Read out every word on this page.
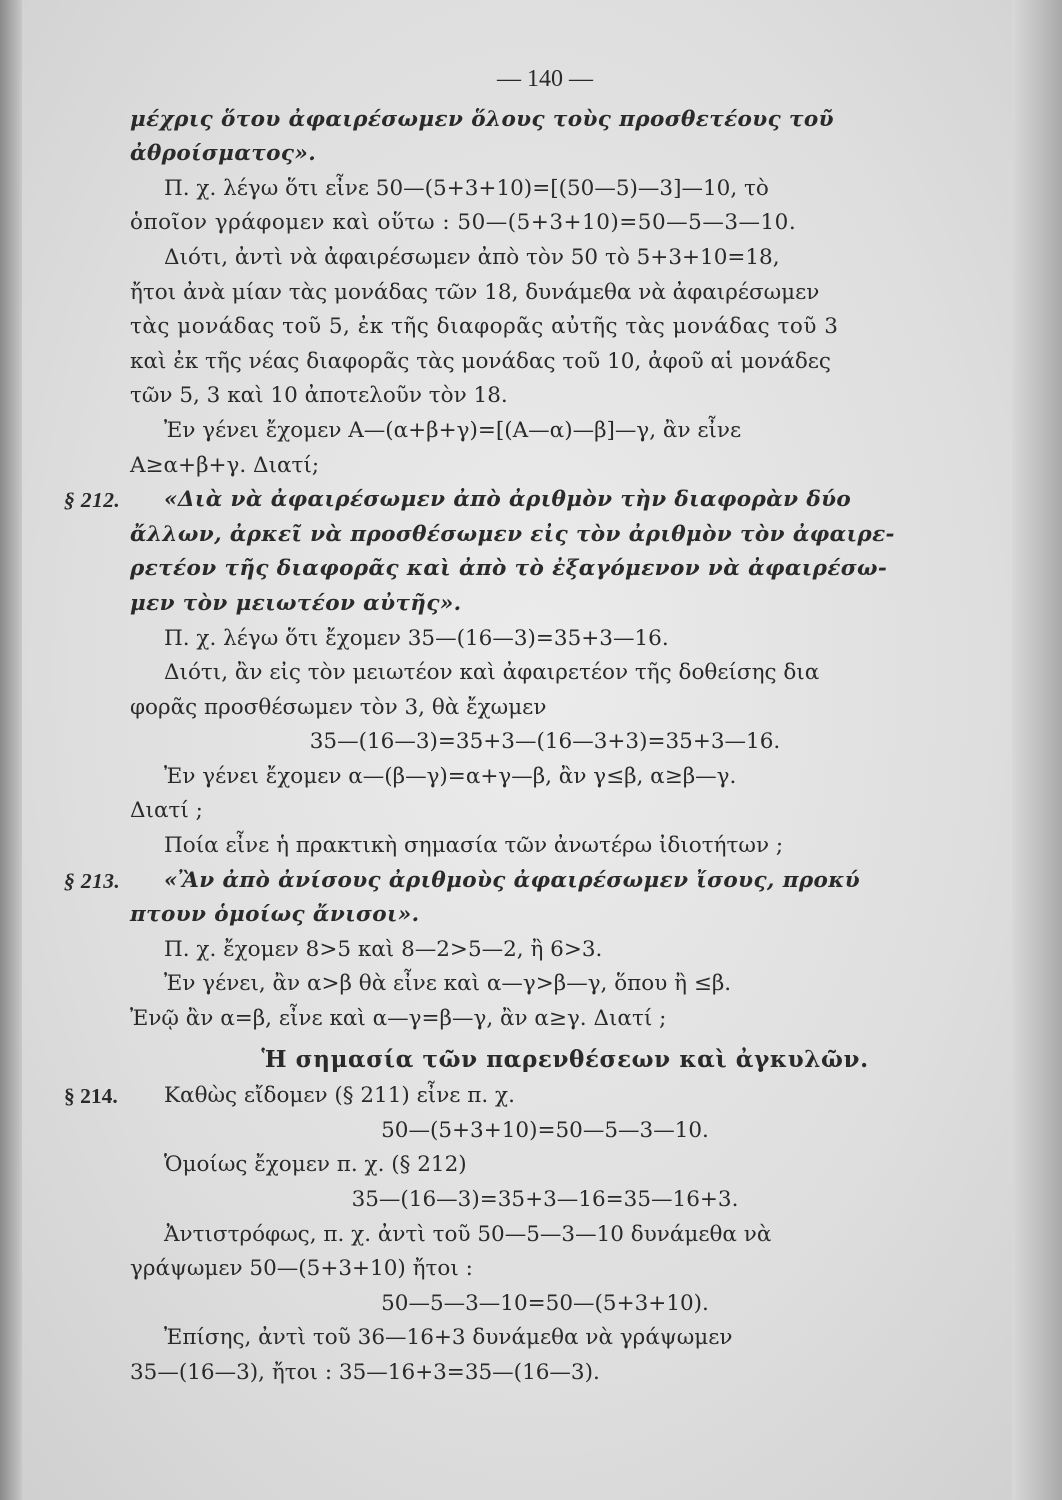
— 140 —
μέχρις ὅτου ἀφαιρέσωμεν ὅλους τοὺς προσθετέους τοῦ
ἀθροίσματος».
Π. χ. λέγω ὅτι εἶνε 50—(5+3+10)=[(50—5)—3]—10, τὸ
ὁποῖον γράφομεν καὶ οὕτω : 50—(5+3+10)=50—5—3—10.
Διότι, ἀντὶ νὰ ἀφαιρέσωμεν ἀπὸ τὸν 50 τὸ 5+3+10=18,
ἤτοι ἀνὰ μίαν τὰς μονάδας τῶν 18, δυνάμεθα νὰ ἀφαιρέσωμεν
τὰς μονάδας τοῦ 5, ἐκ τῆς διαφορᾶς αὐτῆς τὰς μονάδας τοῦ 3
καὶ ἐκ τῆς νέας διαφορᾶς τὰς μονάδας τοῦ 10, ἀφοῦ αἱ μονάδες
τῶν 5, 3 καὶ 10 ἀποτελοῦν τὸν 18.
Ἐν γένει ἔχομεν Α—(α+β+γ)=[(Α—α)—β]—γ, ἂν εἶνε
Α≥α+β+γ. Διατί;
§ 212. «Διὰ νὰ ἀφαιρέσωμεν ἀπὸ ἀριθμὸν τὴν διαφορὰν δύο
ἄλλων, ἀρκεῖ νὰ προσθέσωμεν εἰς τὸν ἀριθμὸν τὸν ἀφαιρε-
ρετέον τῆς διαφορᾶς καὶ ἀπὸ τὸ ἐξαγόμενον νὰ ἀφαιρέσω-
μεν τὸν μειωτέον αὐτῆς».
Π. χ. λέγω ὅτι ἔχομεν 35—(16—3)=35+3—16.
Διότι, ἂν εἰς τὸν μειωτέον καὶ ἀφαιρετέον τῆς δοθείσης δια
φορᾶς προσθέσωμεν τὸν 3, θὰ ἔχωμεν
35—(16—3)=35+3—(16—3+3)=35+3—16.
Ἐν γένει ἔχομεν α—(β—γ)=α+γ—β, ἂν γ≤β, α≥β—γ.
Διατί ;
Ποία εἶνε ἡ πρακτικὴ σημασία τῶν ἀνωτέρω ἰδιοτήτων ;
§ 213. «Ἂν ἀπὸ ἀνίσους ἀριθμοὺς ἀφαιρέσωμεν ἴσους, προκύ
πτουν ὁμοίως ἄνισοι».
Π. χ. ἔχομεν 8>5 καὶ 8—2>5—2, ἢ 6>3.
Ἐν γένει, ἂν α>β θὰ εἶνε καὶ α—γ>β—γ, ὅπου ἢ ≤β.
Ἐνῷ ἂν α=β, εἶνε καὶ α—γ=β—γ, ἂν α≥γ. Διατί ;
Ἡ σημασία τῶν παρενθέσεων καὶ ἀγκυλῶν.
§ 214. Καθὼς εἴδομεν (§ 211) εἶνε π. χ.
50—(5+3+10)=50—5—3—10.
Ὁμοίως ἔχομεν π. χ. (§ 212)
35—(16—3)=35+3—16=35—16+3.
Ἀντιστρόφως, π. χ. ἀντὶ τοῦ 50—5—3—10 δυνάμεθα νὰ
γράψωμεν 50—(5+3+10) ἤτοι :
50—5—3—10=50—(5+3+10).
Ἐπίσης, ἀντὶ τοῦ 36—16+3 δυνάμεθα νὰ γράψωμεν
35—(16—3), ἤτοι : 35—16+3=35—(16—3).
